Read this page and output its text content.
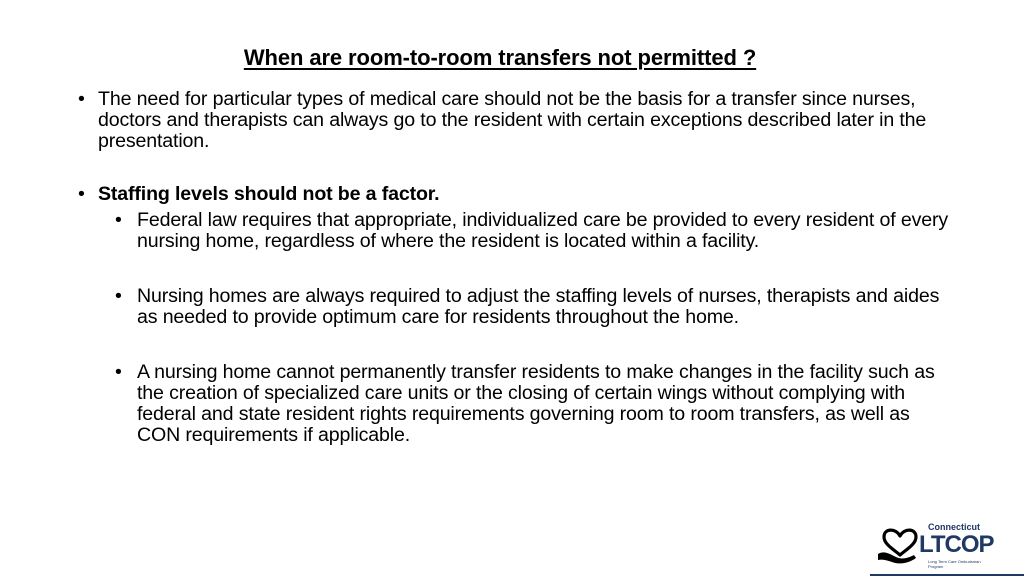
When are room-to-room transfers not permitted ?
• The need for particular types of medical care should not be the basis for a transfer since nurses, doctors and therapists can always go to the resident with certain exceptions described later in the presentation.
• Staffing levels should not be a factor.
• Federal law requires that appropriate, individualized care be provided to every resident of every nursing home, regardless of where the resident is located within a facility.
• Nursing homes are always required to adjust the staffing levels of nurses, therapists and aides as needed to provide optimum care for residents throughout the home.
• A nursing home cannot permanently transfer residents to make changes in the facility such as the creation of specialized care units or the closing of certain wings without complying with federal and state resident rights requirements governing room to room transfers, as well as CON requirements if applicable.
Connecticut
LTCOP
Long Term Care Ombudsman Program
